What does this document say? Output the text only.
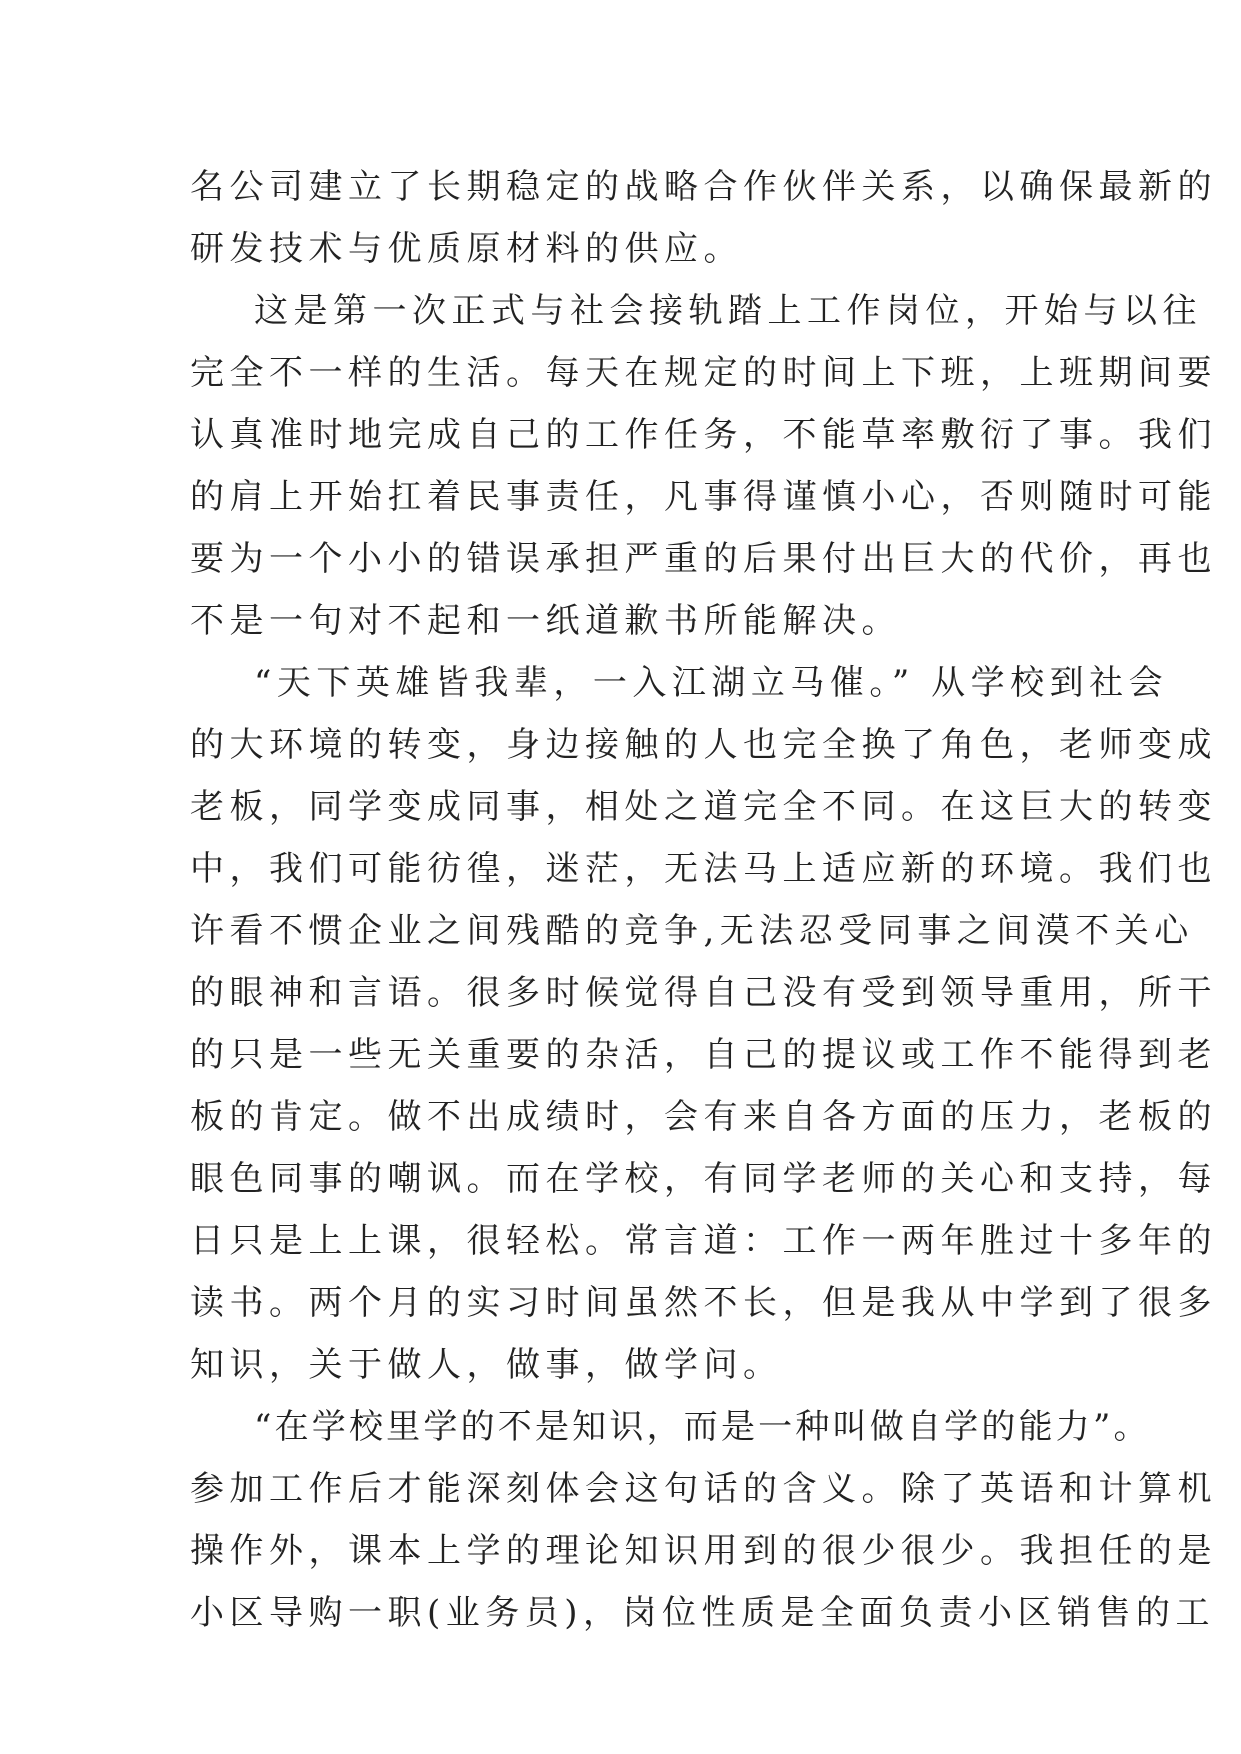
名公司建立了长期稳定的战略合作伙伴关系，以确保最新的
研发技术与优质原材料的供应。
这是第一次正式与社会接轨踏上工作岗位，开始与以往
完全不一样的生活。每天在规定的时间上下班，上班期间要
认真准时地完成自己的工作任务，不能草率敷衍了事。我们
的肩上开始扛着民事责任，凡事得谨慎小心，否则随时可能
要为一个小小的错误承担严重的后果付出巨大的代价，再也
不是一句对不起和一纸道歉书所能解决。
“天下英雄皆我辈，一入江湖立马催。” 从学校到社会
的大环境的转变，身边接触的人也完全换了角色，老师变成
老板，同学变成同事，相处之道完全不同。在这巨大的转变
中，我们可能彷徨，迷茫，无法马上适应新的环境。我们也
许看不惯企业之间残酷的竞争,无法忍受同事之间漠不关心
的眼神和言语。很多时候觉得自己没有受到领导重用，所干
的只是一些无关重要的杂活，自己的提议或工作不能得到老
板的肯定。做不出成绩时，会有来自各方面的压力，老板的
眼色同事的嘲讽。而在学校，有同学老师的关心和支持，每
日只是上上课，很轻松。常言道：工作一两年胜过十多年的
读书。两个月的实习时间虽然不长，但是我从中学到了很多
知识，关于做人，做事，做学问。
“在学校里学的不是知识，而是一种叫做自学的能力”。
参加工作后才能深刻体会这句话的含义。除了英语和计算机
操作外，课本上学的理论知识用到的很少很少。我担任的是
小区导购一职(业务员)，岗位性质是全面负责小区销售的工
